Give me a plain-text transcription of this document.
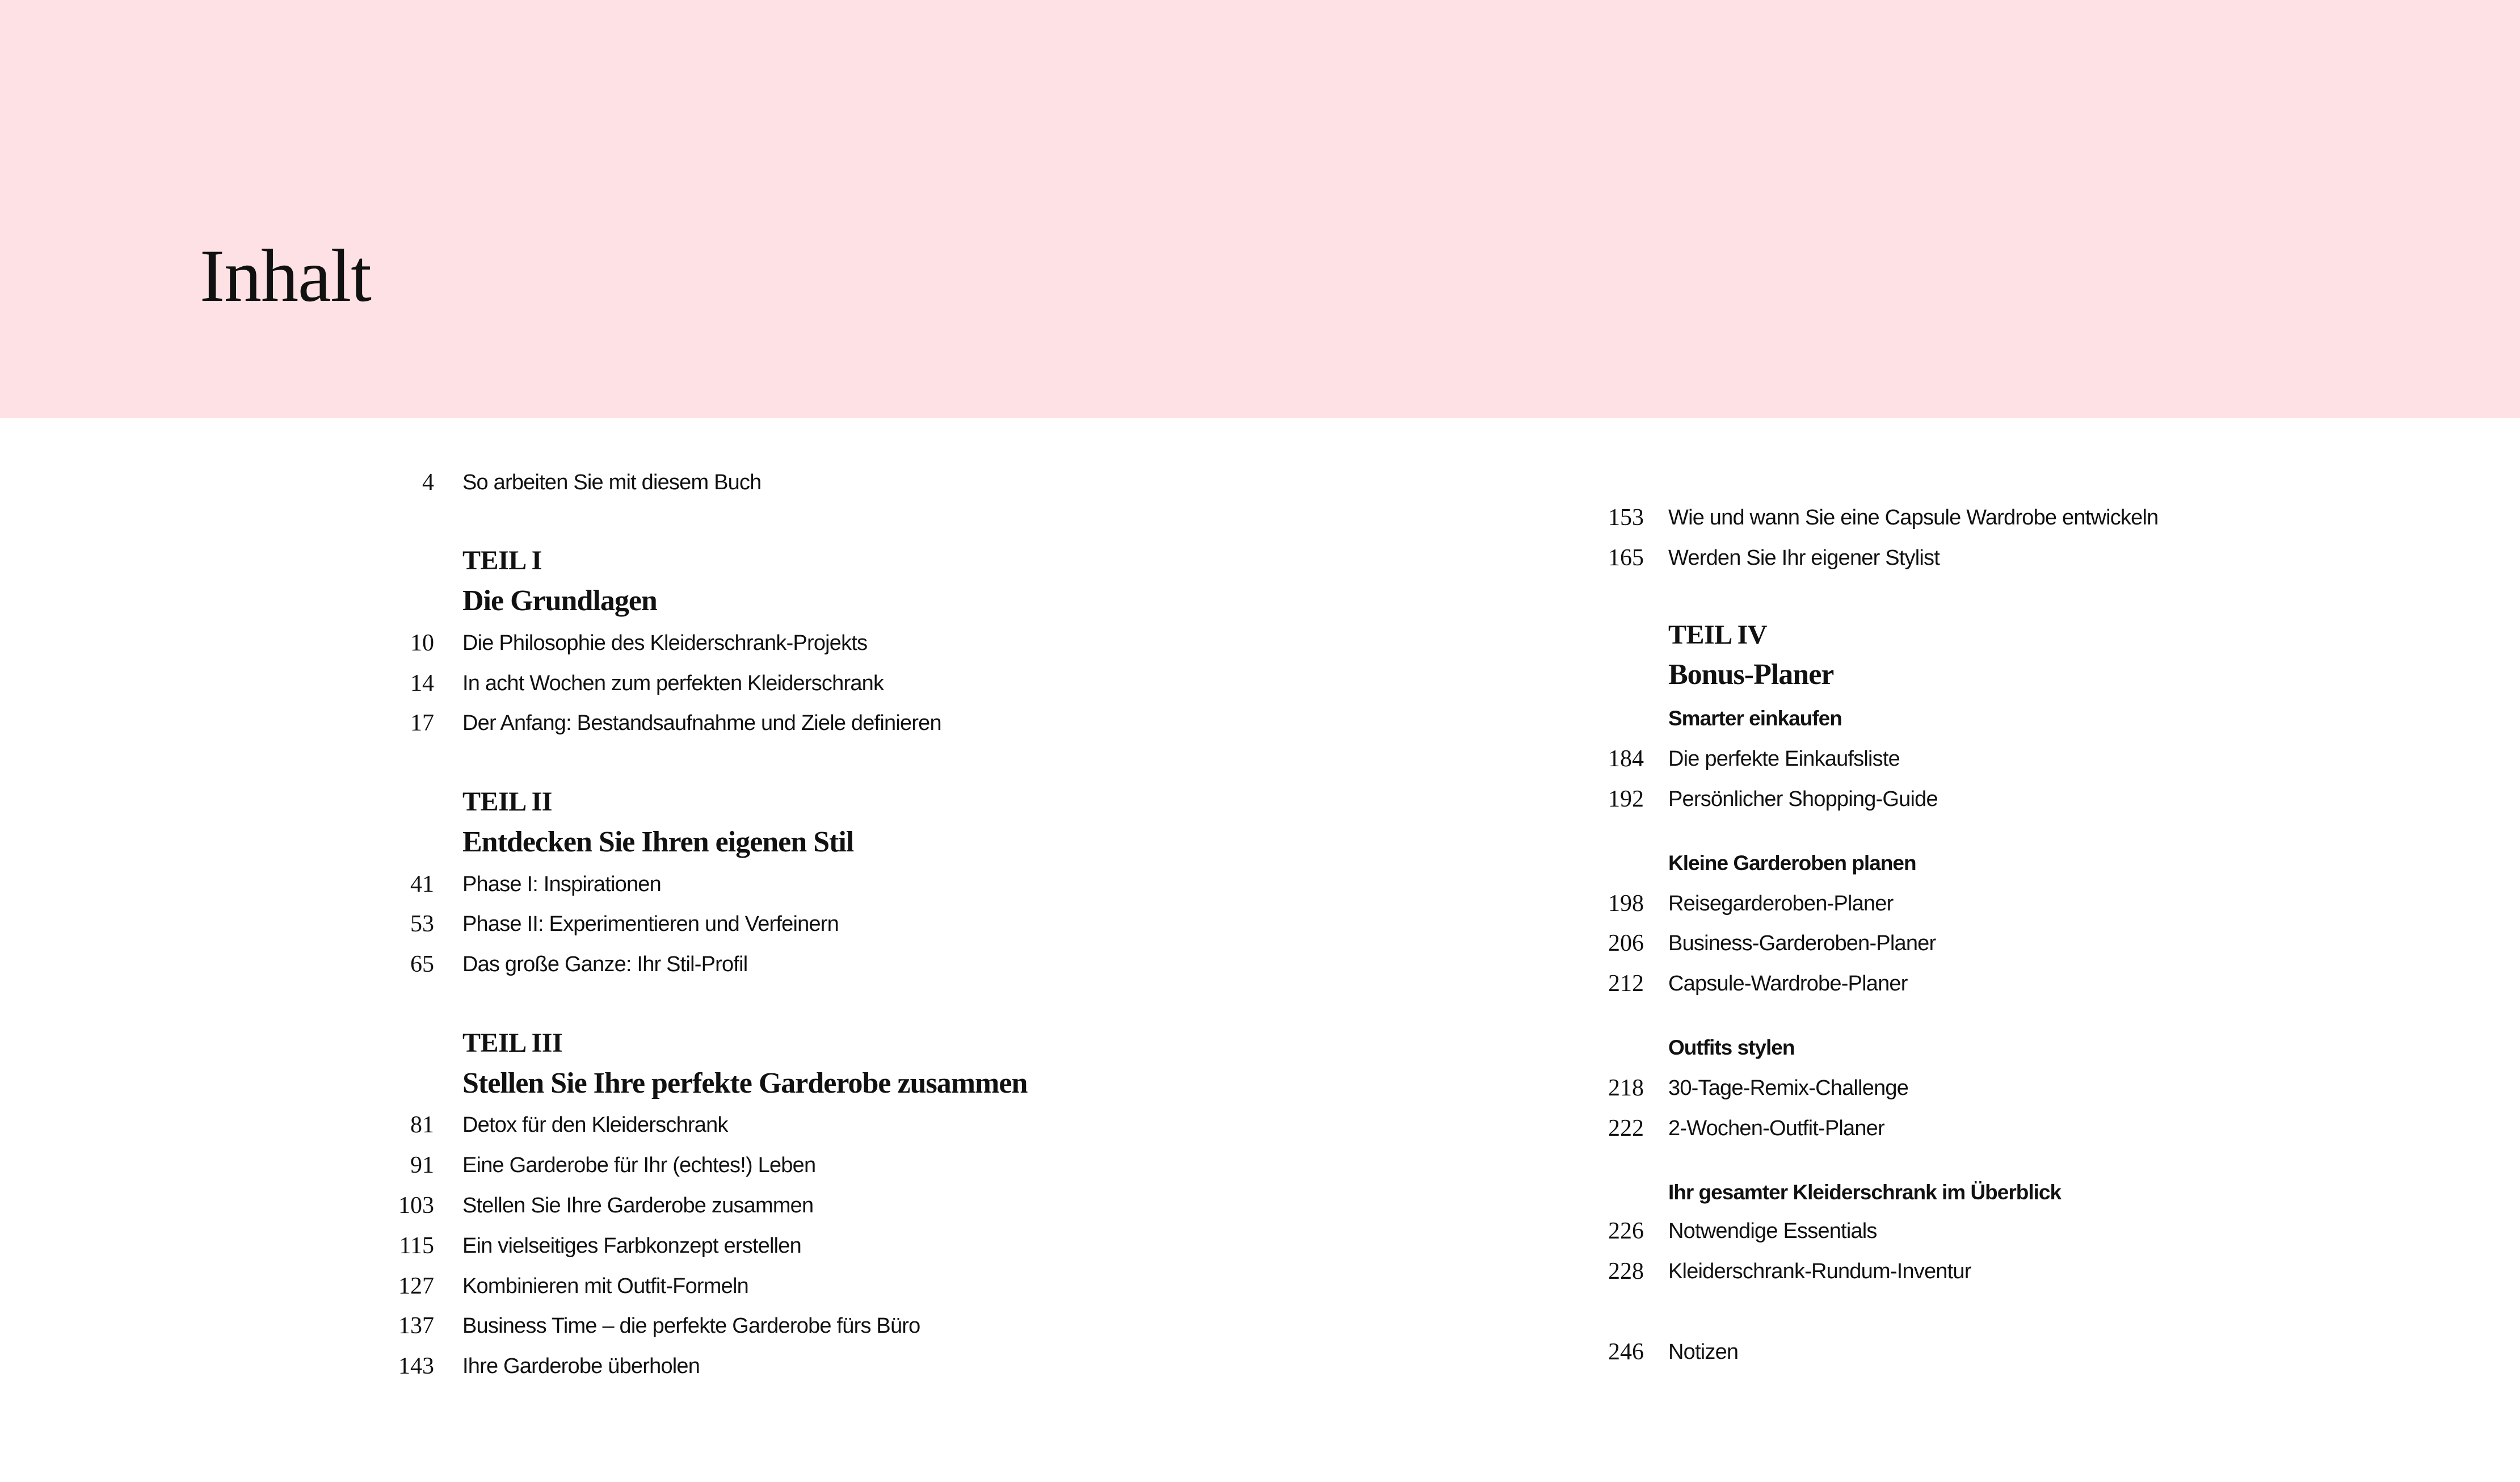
Inhalt
4 So arbeiten Sie mit diesem Buch
TEIL I
Die Grundlagen
10 Die Philosophie des Kleiderschrank-Projekts
14 In acht Wochen zum perfekten Kleiderschrank
17 Der Anfang: Bestandsaufnahme und Ziele definieren
TEIL II
Entdecken Sie Ihren eigenen Stil
41 Phase I: Inspirationen
53 Phase II: Experimentieren und Verfeinern
65 Das große Ganze: Ihr Stil-Profil
TEIL III
Stellen Sie Ihre perfekte Garderobe zusammen
81 Detox für den Kleiderschrank
91 Eine Garderobe für Ihr (echtes!) Leben
103 Stellen Sie Ihre Garderobe zusammen
115 Ein vielseitiges Farbkonzept erstellen
127 Kombinieren mit Outfit-Formeln
137 Business Time – die perfekte Garderobe fürs Büro
143 Ihre Garderobe überholen
153 Wie und wann Sie eine Capsule Wardrobe entwickeln
165 Werden Sie Ihr eigener Stylist
TEIL IV
Bonus-Planer
Smarter einkaufen
184 Die perfekte Einkaufsliste
192 Persönlicher Shopping-Guide
Kleine Garderoben planen
198 Reisegarderoben-Planer
206 Business-Garderoben-Planer
212 Capsule-Wardrobe-Planer
Outfits stylen
218 30-Tage-Remix-Challenge
222 2-Wochen-Outfit-Planer
Ihr gesamter Kleiderschrank im Überblick
226 Notwendige Essentials
228 Kleiderschrank-Rundum-Inventur
246 Notizen
